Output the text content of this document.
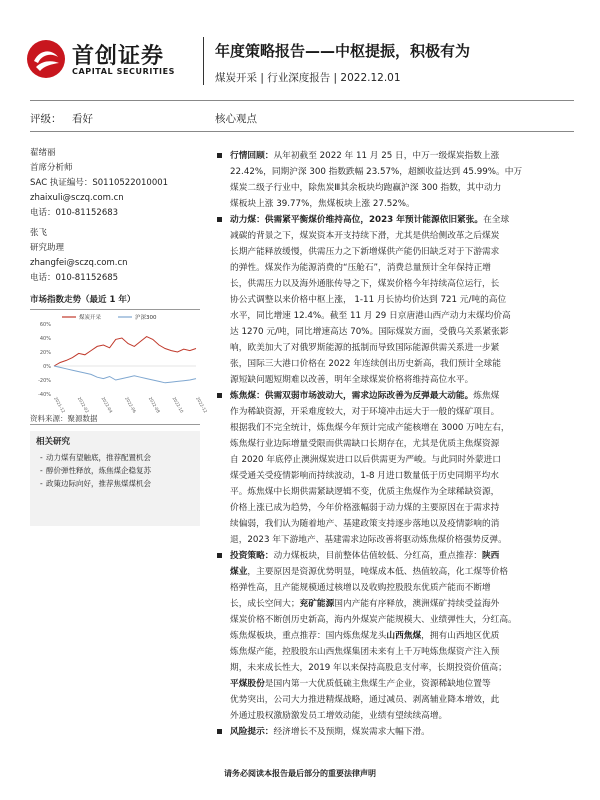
首创证券
CAPITAL SECURITIES
年度策略报告——中枢提振，积极有为
煤炭开采 | 行业深度报告 | 2022.12.01
评级： 看好	核心观点
翟绪丽
首席分析师
SAC 执证编号：S0110522010001
zhaixuli@sczq.com.cn
电话：010-81152683
张飞
研究助理
zhangfei@sczq.com.cn
电话：010-81152685
市场指数走势（最近 1 年）
60%
40%
20%
0%
-20%
-40%
煤炭开采	沪深300
2021-12	2022-02	2022-04	2022-06	2022-08	2022-10	2022-12
资料来源：聚源数据
相关研究
- 动力煤有望触底，推荐配置机会
- 醇价弹性释放，炼焦煤企稳复苏
- 政策边际向好，推荐焦煤煤机会
行情回顾：从年初截至 2022 年 11 月 25 日，中万一级煤炭指数上涨
22.42%，同期沪深 300 指数跌幅 23.57%，超额收益达到 45.99%。中万
煤炭二级子行业中，除焦炭Ⅲ其余板块均跑赢沪深 300 指数，其中动力
煤板块上涨 39.77%，焦煤板块上涨 27.52%。
动力煤：供需紧平衡煤价维持高位，2023 年预计能源依旧紧张。在全球
减碳的背景之下，煤炭资本开支持续下滑，尤其是供给侧改革之后煤炭
长期产能释放缓慢，供需压力之下新增煤供产能仍旧缺乏对于下游需求
的弹性。煤炭作为能源消费的“压舱石”，消费总量预计全年保持正增
长，供需压力以及海外通胀传导之下，煤炭价格今年持续高位运行，长
协公式调整以来价格中枢上涨， 1-11 月长协均价达到 721 元/吨的高位
水平，同比增速 12.4%。截至 11 月 29 日京唐港山西产动力末煤均价高
达 1270 元/吨，同比增速高达 70%。国际煤炭方面，受俄乌关系紧张影
响，欧美加大了对俄罗斯能源的抵制而导致国际能源供需关系进一步紧
张，国际三大港口价格在 2022 年连续创出历史新高，我们预计全球能
源短缺问题短期难以改善，明年全球煤炭价格将维持高位水平。
炼焦煤：供需双弱市场波动大，需求边际改善为反弹最大动能。炼焦煤
作为稀缺资源，开采难度较大，对于环境冲击远大于一般的煤矿项目。
根据我们不完全统计，炼焦煤今年预计完成产能核增在 3000 万吨左右，
炼焦煤行业边际增量受限而供需缺口长期存在，尤其是优质主焦煤资源
自 2020 年底停止澳洲煤炭进口以后供需更为严峻。与此同时外蒙进口
煤受通关受疫情影响而持续波动，1-8 月进口数量低于历史同期平均水
平。炼焦煤中长期供需紧缺逻辑不变，优质主焦煤作为全球稀缺资源，
价格上涨已成为趋势，今年价格涨幅弱于动力煤的主要原因在于需求持
续偏弱，我们认为随着地产、基建政策支持逐步落地以及疫情影响的消
退，2023 年下游地产、基建需求边际改善将驱动炼焦煤价格强势反弹。
投资策略：动力煤板块，目前整体估值较低、分红高，重点推荐：陕西
煤业，主要原因是资源优势明显，吨煤成本低、热值较高，化工煤等价格
格弹性高，且产能规模通过核增以及收购控股股东优质产能而不断增
长，成长空间大；兖矿能源国内产能有序释放，澳洲煤矿持续受益海外
煤炭价格不断创历史新高，海内外煤炭产能规模大、业绩弹性大，分红高。
炼焦煤板块，重点推荐：国内炼焦煤龙头山西焦煤，拥有山西地区优质
炼焦煤产能，控股股东山西焦煤集团未来有上千万吨炼焦煤资产注入预
期，未来成长性大，2019 年以来保持高股息支付率，长期投资价值高；
平煤股份是国内第一大优质低硫主焦煤生产企业，资源稀缺地位置等
优势突出，公司大力推进精煤战略，通过减员、剥离辅业降本增效，此
外通过股权激励激发员工增效动能，业绩有望续续高增。
风险提示：经济增长不及预期，煤炭需求大幅下滑。
请务必阅读本报告最后部分的重要法律声明
